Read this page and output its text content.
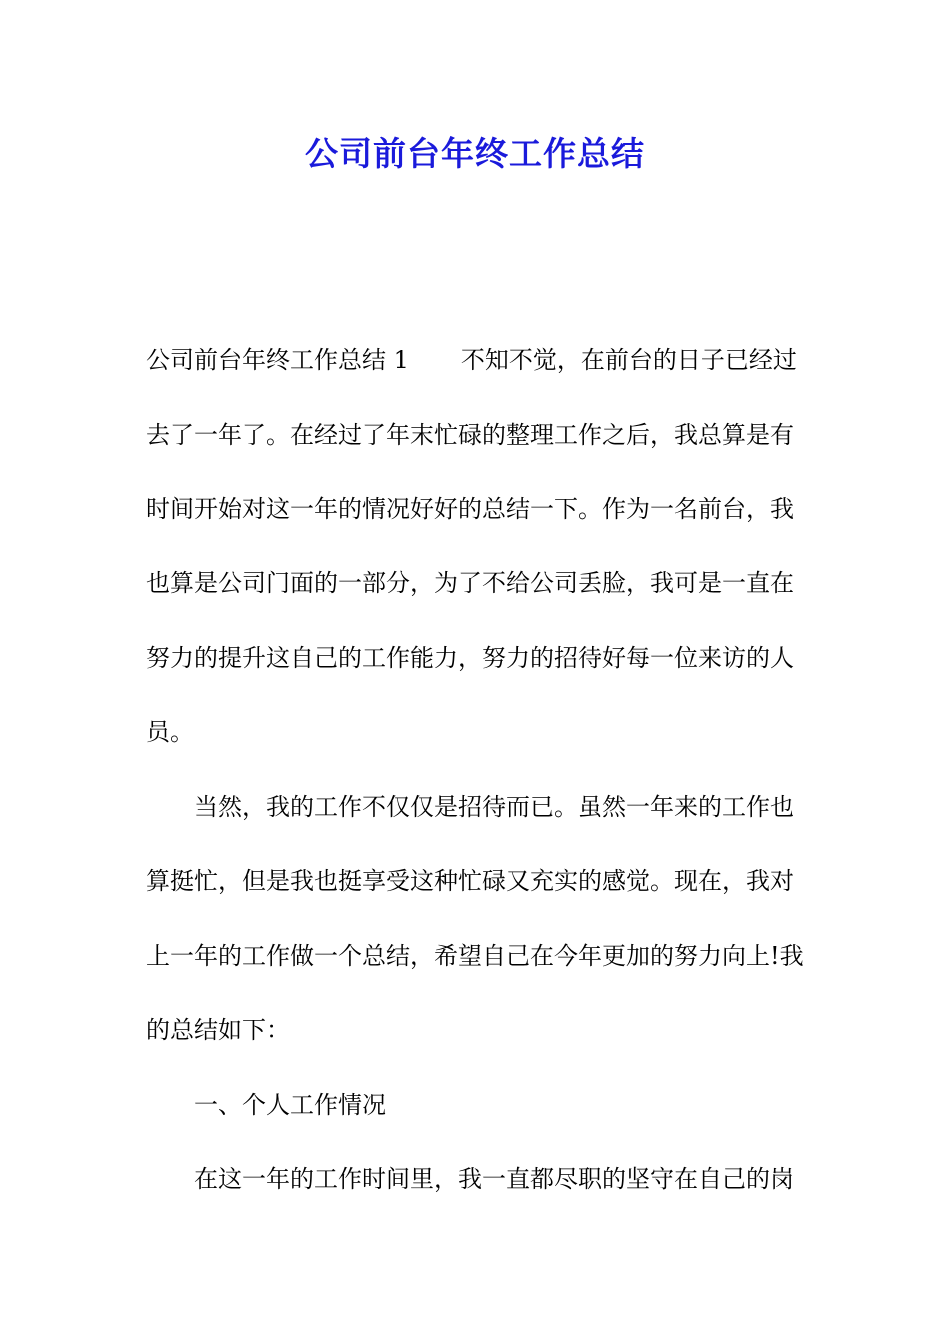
公司前台年终工作总结

公司前台年终工作总结 1 不知不觉，在前台的日子已经过

去了一年了。在经过了年末忙碌的整理工作之后，我总算是有

时间开始对这一年的情况好好的总结一下。作为一名前台，我

也算是公司门面的一部分，为了不给公司丢脸，我可是一直在

努力的提升这自己的工作能力，努力的招待好每一位来访的人

员。

当然，我的工作不仅仅是招待而已。虽然一年来的工作也

算挺忙，但是我也挺享受这种忙碌又充实的感觉。现在，我对

上一年的工作做一个总结，希望自己在今年更加的努力向上!我

的总结如下：

一、个人工作情况

在这一年的工作时间里，我一直都尽职的坚守在自己的岗
